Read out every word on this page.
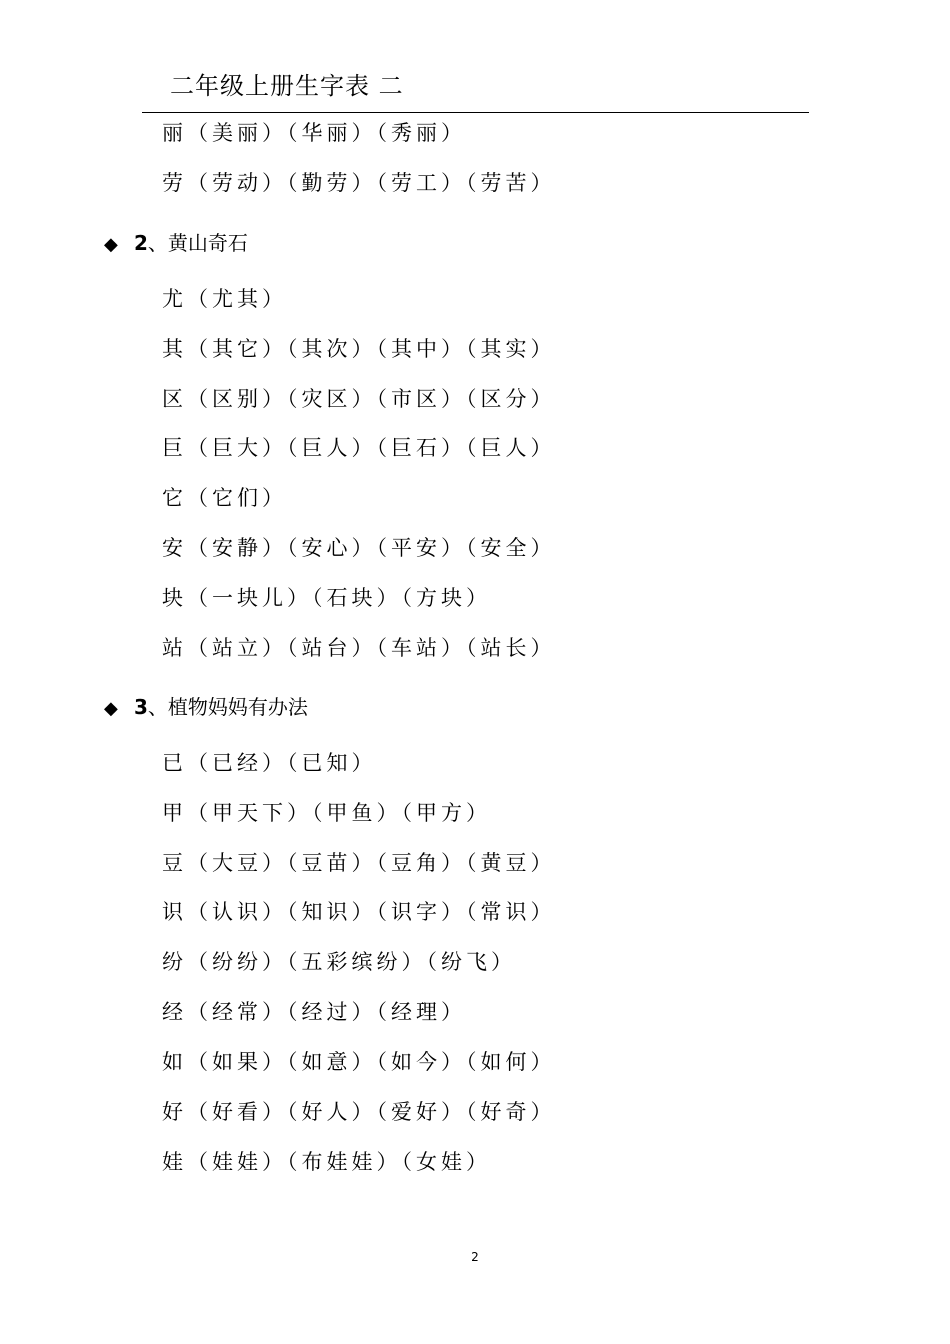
二年级上册生字表 二
丽（美丽）（华丽）（秀丽）
劳（劳动）（勤劳）（劳工）（劳苦）
◆ 2、黄山奇石
尤（尤其）
其（其它）（其次）（其中）（其实）
区（区别）（灾区）（市区）（区分）
巨（巨大）（巨人）（巨石）（巨人）
它（它们）
安（安静）（安心）（平安）（安全）
块（一块儿）（石块）（方块）
站（站立）（站台）（车站）（站长）
◆ 3、植物妈妈有办法
已（已经）（已知）
甲（甲天下）（甲鱼）（甲方）
豆（大豆）（豆苗）（豆角）（黄豆）
识（认识）（知识）（识字）（常识）
纷（纷纷）（五彩缤纷）（纷飞）
经（经常）（经过）（经理）
如（如果）（如意）（如今）（如何）
好（好看）（好人）（爱好）（好奇）
娃（娃娃）（布娃娃）（女娃）
2
